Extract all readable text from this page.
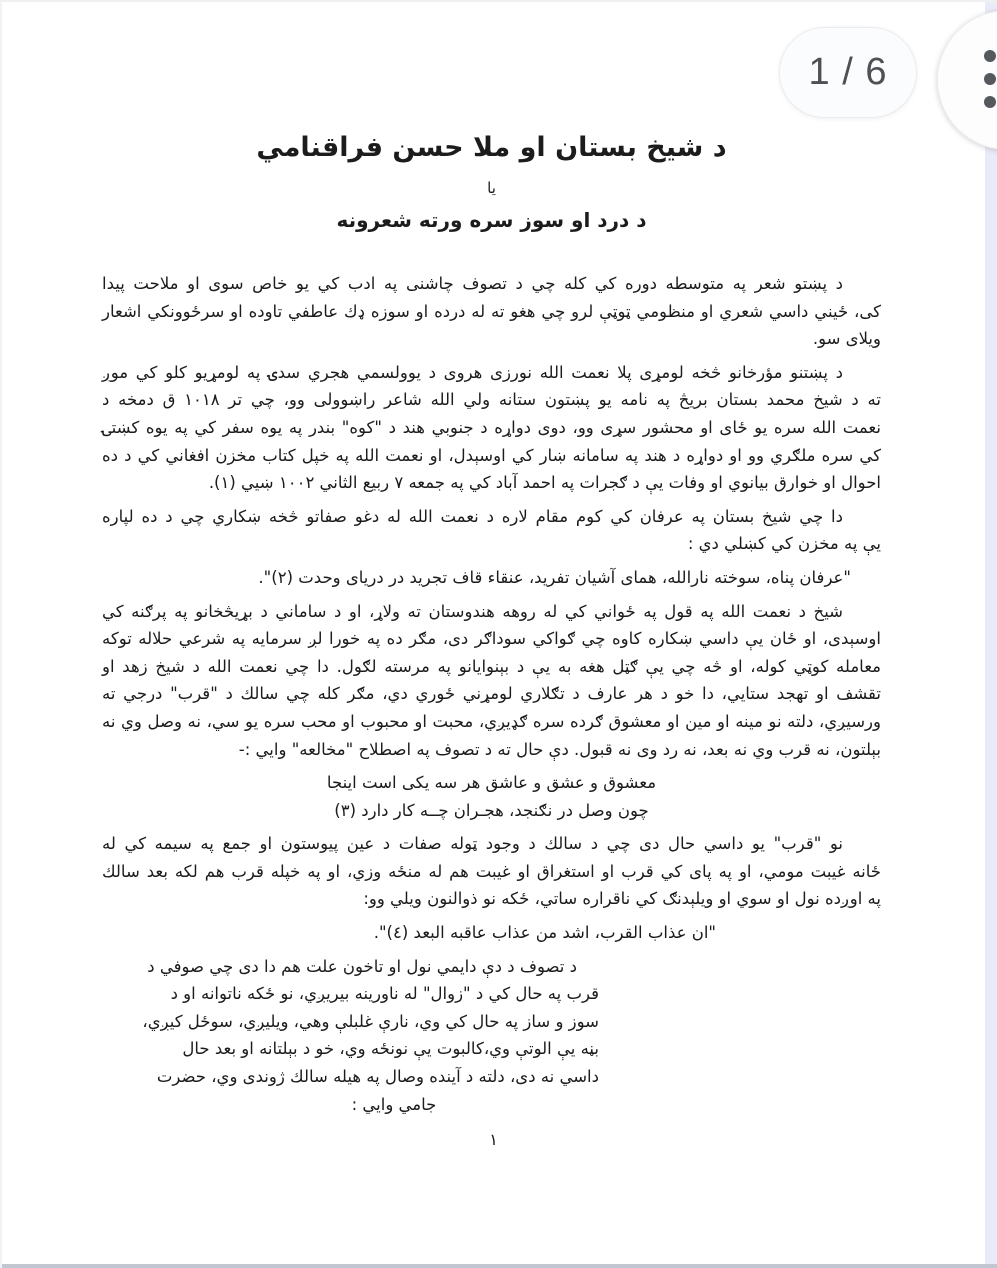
د شيخ بستان او ملا حسن فراقنامي
يا
د درد او سوز سره ورته شعرونه
د پښتو شعر په متوسطه دوره كي كله چي د تصوف چاشنى په ادب كي يو خاص سوى او ملاحت پيدا
كى، ځيني داسي شعري او منظومي ټوټې لرو چي هغو ته له درده او سوزه ډك عاطفي تاوده او سرځوونكي اشعار
ويلاى سو.
د پښتنو مؤرخانو څخه لومړى پلا نعمت الله نورزى هروى د يوولسمي هجري سدۍ په لومړيو كلو كي موږ
ته د شيخ محمد بستان بريڅ په نامه يو پښتون ستانه ولي الله شاعر راښوولى وو، چي تر ١٠١٨ ق دمخه د
نعمت الله سره يو ځاى او محشور سړى وو، دوى دواړه د جنوبي هند د "كوه" بندر په يوه سفر كي په يوه كښتۍ
كي سره ملګري وو او دواړه د هند په سامانه ښار كي اوسېدل، او نعمت الله په خپل كتاب مخزن افغاني كي د ده
احوال او خوارق بيانوي او وفات يې د ګجرات په احمد آباد كي په جمعه ٧ ربيع الثاني ١٠٠٢ ښيي (١).
دا چي شيخ بستان په عرفان كي كوم مقام لاره د نعمت الله له دغو صفاتو څخه ښكاري چي د ده لپاره
يې په مخزن كي كښلي دي :
"عرفان پناه، سوخته نارالله، هماى آشيان تفريد، عنقاء قاف تجريد در درياى وحدت (٢)".
شيخ د نعمت الله په قول په ځواني كي له روهه هندوستان ته ولاړ، او د ساماني د بړيڅخانو په پرګنه كي
اوسېدى، او ځان يې داسي ښكاره كاوه چي ګواكي سوداګر دى، مګر ده په خورا لږ سرمايه په شرعي حلاله توكه
معامله كوټي كوله، او څه چي يې ګټل هغه به يې د بېنوايانو په مرسته لګول. دا چي نعمت الله د شيخ زهد او
تقشف او تهجد ستايي، دا خو د هر عارف د تګلاري لومړني ځوري دي، مګر كله چي سالك د "قرب" درجي ته
ورسيږي، دلته نو مينه او مين او معشوق ګرده سره ګډيږي، محبت او محبوب او محب سره يو سي، نه وصل وي نه
بېلتون، نه قرب وي نه بعد، نه رد وى نه قبول. دې حال ته د تصوف په اصطلاح "مخالعه" وايي :-
معشوق و عشق و عاشق هر سه يكى است اينجا
چون وصل در نګنجد، هجـران چــه كار دارد (٣)
نو "قرب" يو داسي حال دى چي د سالك د وجود ټوله صفات د عين پيوستون او جمع په سيمه كي له
ځانه غيبت مومي، او په پاى كي قرب او استغراق او غيبت هم له منځه وزي، او په خپله قرب هم لكه بعد سالك
په اوږده نول او سوي او ويلېدنګ كي ناقراره ساتي، ځكه نو ذوالنون ويلي وو:
"ان عذاب القرب، اشد من عذاب عاقبه البعد (٤)".
د تصوف د دې دايمي نول او تاخون علت هم دا دى چي صوفي د
قرب په حال كي د "زوال" له ناورينه بيريږي، نو ځكه ناتوانه او د
سوز و ساز په حال كي وي، نارې غلبلې وهي، ويليږي، سوځل كيږي،
بڼه يې الوتې وي،كالبوت يې نونځه وي، خو د بېلتانه او بعد حال
داسي نه دى، دلته د آينده وصال په هيله سالك ژوندى وي، حضرت
جامي وايي :
١
1 / 6
